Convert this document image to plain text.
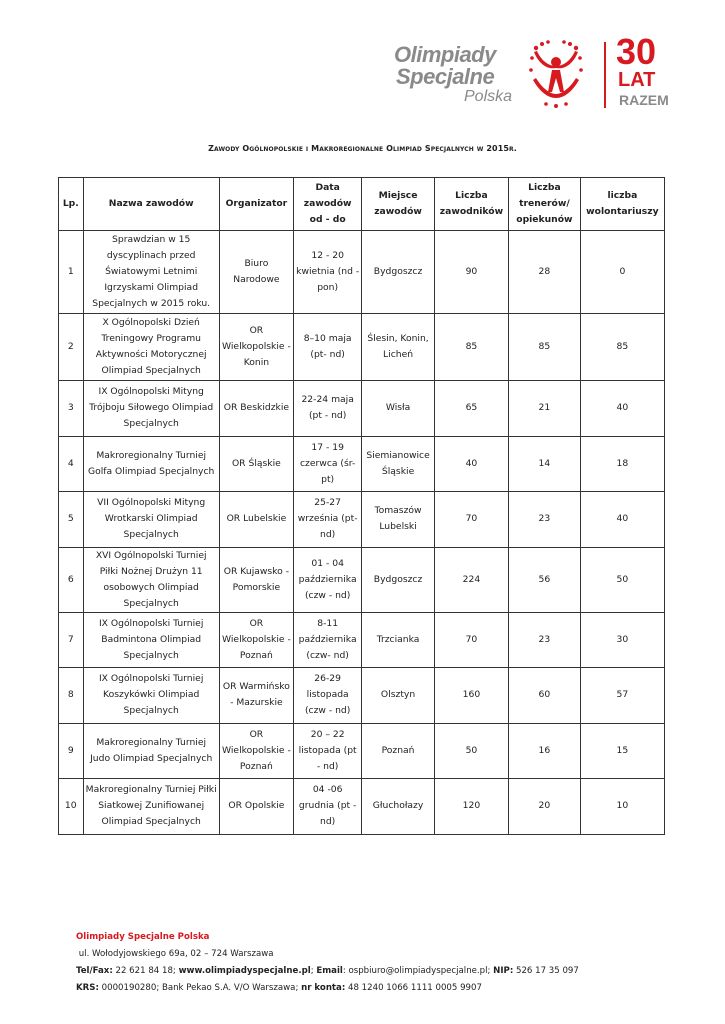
Olimpiady
Specjalne
Polska
30
LAT
RAZEM
Zawody Ogólnopolskie i Makroregionalne Olimpiad Specjalnych w 2015r.
Lp.	Nazwa zawodów	Organizator	Data zawodów od - do	Miejsce zawodów	Liczba zawodników	Liczba trenerów/ opiekunów	liczba wolontariuszy
1	Sprawdzian w 15 dyscyplinach przed Światowymi Letnimi Igrzyskami Olimpiad Specjalnych w 2015 roku.	Biuro Narodowe	12 - 20 kwietnia (nd - pon)	Bydgoszcz	90	28	0
2	X Ogólnopolski Dzień Treningowy Programu Aktywności Motorycznej Olimpiad Specjalnych	OR Wielkopolskie - Konin	8–10 maja (pt- nd)	Ślesin, Konin, Licheń	85	85	85
3	IX Ogólnopolski Mityng Trójboju Siłowego Olimpiad Specjalnych	OR Beskidzkie	22-24 maja (pt - nd)	Wisła	65	21	40
4	Makroregionalny Turniej Golfa Olimpiad Specjalnych	OR Śląskie	17 - 19 czerwca (śr- pt)	Siemianowice Śląskie	40	14	18
5	VII Ogólnopolski Mityng Wrotkarski Olimpiad Specjalnych	OR Lubelskie	25-27 września (pt- nd)	Tomaszów Lubelski	70	23	40
6	XVI Ogólnopolski Turniej Piłki Nożnej Drużyn 11 osobowych Olimpiad Specjalnych	OR Kujawsko - Pomorskie	01 - 04 października (czw - nd)	Bydgoszcz	224	56	50
7	IX Ogólnopolski Turniej Badmintona Olimpiad Specjalnych	OR Wielkopolskie - Poznań	8-11 października (czw- nd)	Trzcianka	70	23	30
8	IX Ogólnopolski Turniej Koszykówki Olimpiad Specjalnych	OR Warmińsko - Mazurskie	26-29 listopada (czw - nd)	Olsztyn	160	60	57
9	Makroregionalny Turniej Judo Olimpiad Specjalnych	OR Wielkopolskie - Poznań	20 – 22 listopada (pt - nd)	Poznań	50	16	15
10	Makroregionalny Turniej Piłki Siatkowej Zunifiowanej Olimpiad Specjalnych	OR Opolskie	04 -06 grudnia (pt - nd)	Głuchołazy	120	20	10
Olimpiady Specjalne Polska
ul. Wołodyjowskiego 69a, 02 – 724 Warszawa
Tel/Fax: 22 621 84 18; www.olimpiadyspecjalne.pl; Email: ospbiuro@olimpiadyspecjalne.pl; NIP: 526 17 35 097
KRS: 0000190280; Bank Pekao S.A. V/O Warszawa; nr konta: 48 1240 1066 1111 0005 9907
